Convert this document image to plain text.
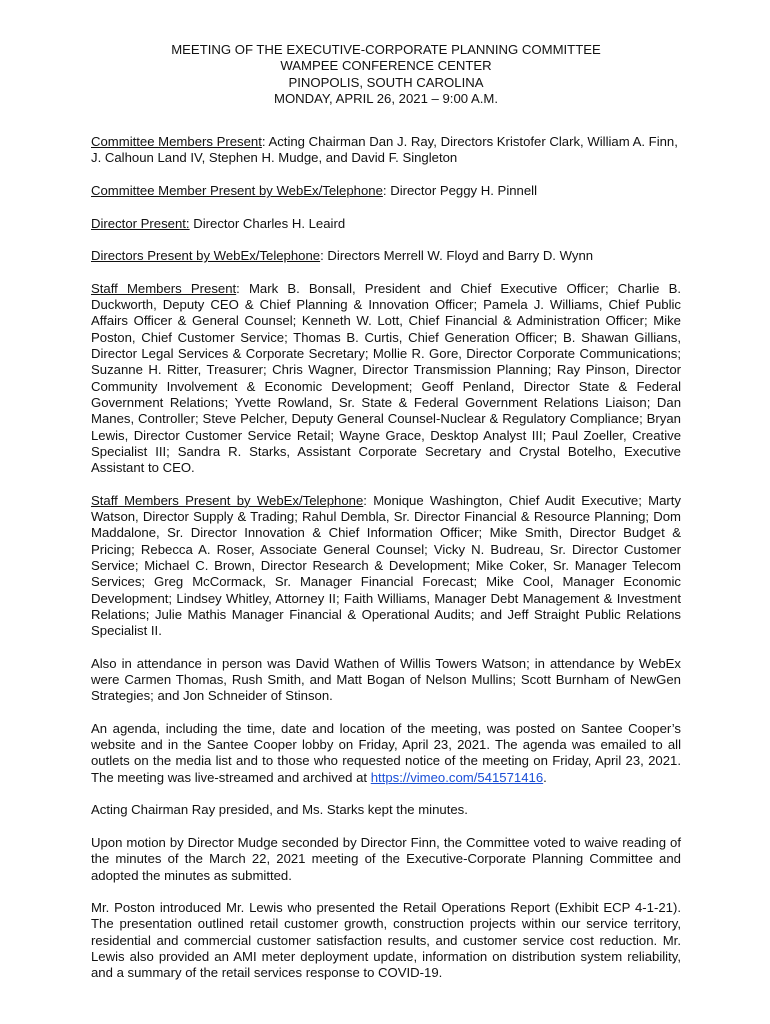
MEETING OF THE EXECUTIVE-CORPORATE PLANNING COMMITTEE
WAMPEE CONFERENCE CENTER
PINOPOLIS, SOUTH CAROLINA
MONDAY, APRIL 26, 2021 – 9:00 A.M.

Committee Members Present: Acting Chairman Dan J. Ray, Directors Kristofer Clark, William A. Finn, J. Calhoun Land IV, Stephen H. Mudge, and David F. Singleton

Committee Member Present by WebEx/Telephone: Director Peggy H. Pinnell

Director Present: Director Charles H. Leaird

Directors Present by WebEx/Telephone: Directors Merrell W. Floyd and Barry D. Wynn

Staff Members Present: Mark B. Bonsall, President and Chief Executive Officer; Charlie B. Duckworth, Deputy CEO & Chief Planning & Innovation Officer; Pamela J. Williams, Chief Public Affairs Officer & General Counsel; Kenneth W. Lott, Chief Financial & Administration Officer; Mike Poston, Chief Customer Service; Thomas B. Curtis, Chief Generation Officer; B. Shawan Gillians, Director Legal Services & Corporate Secretary; Mollie R. Gore, Director Corporate Communications; Suzanne H. Ritter, Treasurer; Chris Wagner, Director Transmission Planning; Ray Pinson, Director Community Involvement & Economic Development; Geoff Penland, Director State & Federal Government Relations; Yvette Rowland, Sr. State & Federal Government Relations Liaison; Dan Manes, Controller; Steve Pelcher, Deputy General Counsel-Nuclear & Regulatory Compliance; Bryan Lewis, Director Customer Service Retail; Wayne Grace, Desktop Analyst III; Paul Zoeller, Creative Specialist III; Sandra R. Starks, Assistant Corporate Secretary and Crystal Botelho, Executive Assistant to CEO.

Staff Members Present by WebEx/Telephone: Monique Washington, Chief Audit Executive; Marty Watson, Director Supply & Trading; Rahul Dembla, Sr. Director Financial & Resource Planning; Dom Maddalone, Sr. Director Innovation & Chief Information Officer; Mike Smith, Director Budget & Pricing; Rebecca A. Roser, Associate General Counsel; Vicky N. Budreau, Sr. Director Customer Service; Michael C. Brown, Director Research & Development; Mike Coker, Sr. Manager Telecom Services; Greg McCormack, Sr. Manager Financial Forecast; Mike Cool, Manager Economic Development; Lindsey Whitley, Attorney II; Faith Williams, Manager Debt Management & Investment Relations; Julie Mathis Manager Financial & Operational Audits; and Jeff Straight Public Relations Specialist II.

Also in attendance in person was David Wathen of Willis Towers Watson; in attendance by WebEx were Carmen Thomas, Rush Smith, and Matt Bogan of Nelson Mullins; Scott Burnham of NewGen Strategies; and Jon Schneider of Stinson.

An agenda, including the time, date and location of the meeting, was posted on Santee Cooper’s website and in the Santee Cooper lobby on Friday, April 23, 2021. The agenda was emailed to all outlets on the media list and to those who requested notice of the meeting on Friday, April 23, 2021. The meeting was live-streamed and archived at https://vimeo.com/541571416.

Acting Chairman Ray presided, and Ms. Starks kept the minutes.

Upon motion by Director Mudge seconded by Director Finn, the Committee voted to waive reading of the minutes of the March 22, 2021 meeting of the Executive-Corporate Planning Committee and adopted the minutes as submitted.

Mr. Poston introduced Mr. Lewis who presented the Retail Operations Report (Exhibit ECP 4-1-21). The presentation outlined retail customer growth, construction projects within our service territory, residential and commercial customer satisfaction results, and customer service cost reduction. Mr. Lewis also provided an AMI meter deployment update, information on distribution system reliability, and a summary of the retail services response to COVID-19.
